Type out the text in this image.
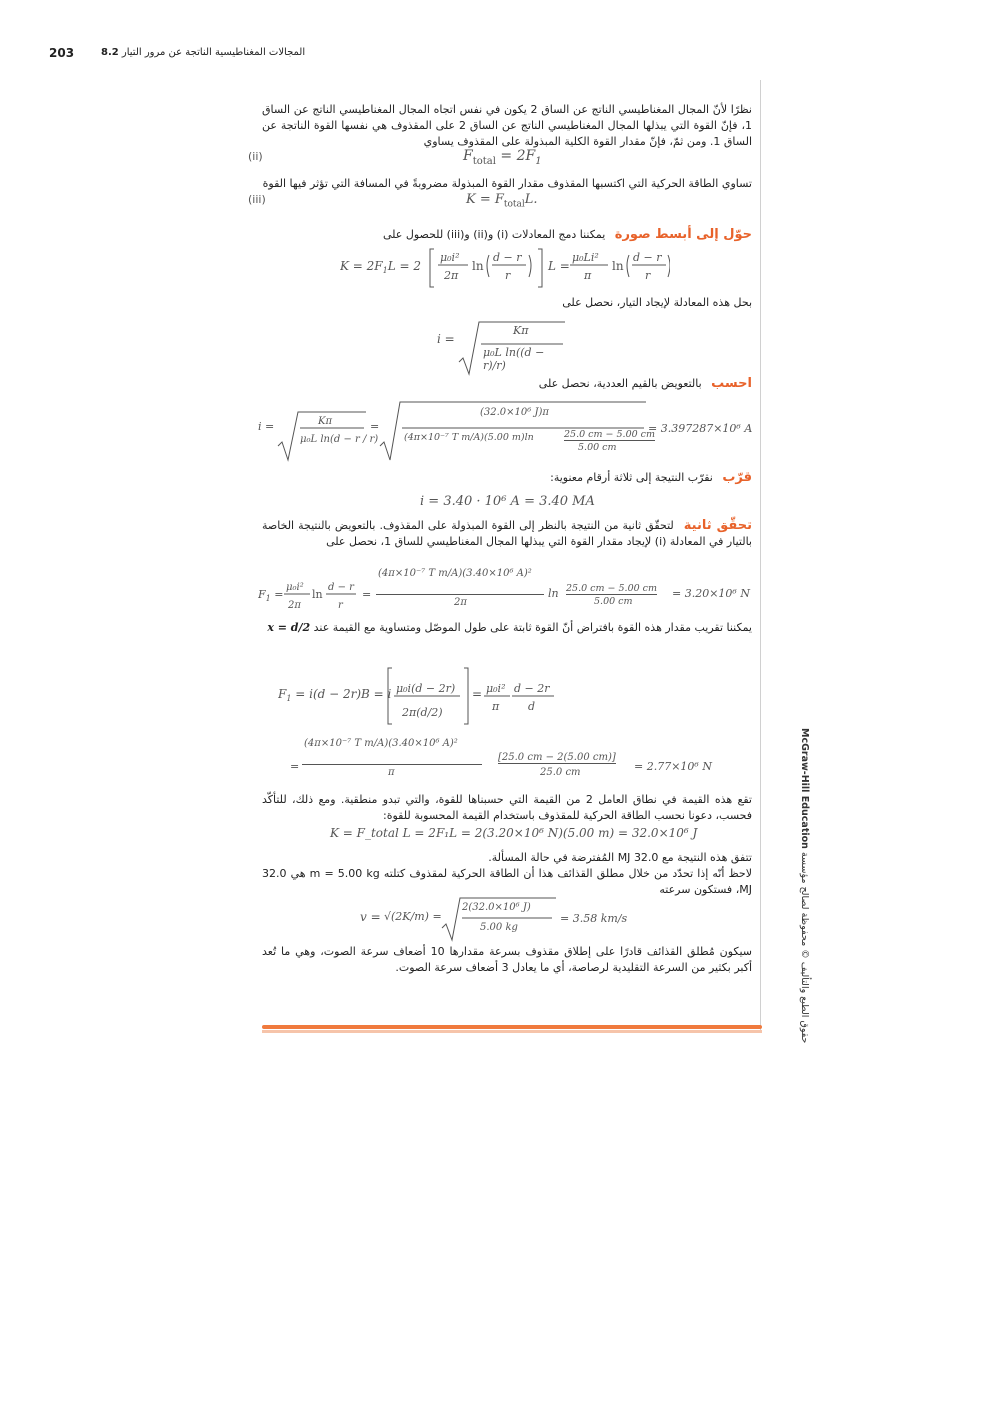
203	المجالات المغناطيسية الناتجة عن مرور التيار 8.2
McGraw-Hill Education حقوق الطبع والتأليف © محفوظة لصالح مؤسسة
نظرًا لأنّ المجال المغناطيسي الناتج عن الساق 2 يكون في نفس اتجاه المجال المغناطيسي الناتج عن الساق 1، فإنّ القوة التي يبذلها المجال المغناطيسي الناتج عن الساق 2 على المقذوف هي نفسها القوة الناتجة عن الساق 1. ومن ثمّ، فإنّ مقدار القوة الكلية المبذولة على المقذوف يساوي
(ii)	$F_{total} = 2F_1$
تساوي الطاقة الحركية التي اكتسبها المقذوف مقدار القوة المبذولة مضروبةً في المسافة التي تؤثر فيها القوة
(iii)	$K = F_{total}L$.
حوّل إلى أبسط صورة يمكننا دمج المعادلات (i) و(ii) و(iii) للحصول على
$K = 2F_1L = 2$
μ₀i²
2π
ln
d − r
r
L =
μ₀Li²
π
ln
d − r
r
بحل هذه المعادلة لإيجاد التيار، نحصل على
i =
Kπ
μ₀L ln((d − r)/r)
احسب بالتعويض بالقيم العددية، نحصل على
i =	Kπ
μ₀L ln(d − r / r)
=
(32.0×10⁶ J)π
(4π×10⁻⁷ T m/A)(5.00 m)ln	25.0 cm − 5.00 cm
5.00 cm
= 3.397287×10⁶ A
قرّب نقرّب النتيجة إلى ثلاثة أرقام معنوية:
i = 3.40 · 10⁶ A = 3.40 MA
تحقّق ثانية لتحقّق ثانية من النتيجة بالنظر إلى القوة المبذولة على المقذوف. بالتعويض بالنتيجة الخاصة بالتيار في المعادلة (i) لإيجاد مقدار القوة التي يبذلها المجال المغناطيسي للساق 1، نحصل على
$F_1$ =
μ₀i²
2π
ln
d − r
r
=
(4π×10⁻⁷ T m/A)(3.40×10⁶ A)²
2π
ln 25.0 cm − 5.00 cm
5.00 cm
= 3.20×10⁶ N
يمكننا تقريب مقدار هذه القوة بافتراض أنّ القوة ثابتة على طول الموصّل ومتساوية مع القيمة عند x = d/2
$F_1 = i(d - 2r)B = i$ μ₀i(d − 2r)
2π(d/2)
= μ₀i²
π
d − 2r
d
=
(4π×10⁻⁷ T m/A)(3.40×10⁶ A)²
π
[25.0 cm − 2(5.00 cm)]
25.0 cm	= 2.77×10⁶ N
تقع هذه القيمة في نطاق العامل 2 من القيمة التي حسبناها للقوة، والتي تبدو منطقية. ومع ذلك، للتأكّد فحسب، دعونا نحسب الطاقة الحركية للمقذوف باستخدام القيمة المحسوبة للقوة:
K = F_total L = 2F₁L = 2(3.20×10⁶ N)(5.00 m) = 32.0×10⁶ J
تتفق هذه النتيجة مع 32.0 MJ المُفترضة في حالة المسألة.
لاحظ أنّه إذا تحدّد من خلال مطلق القذائف هذا أن الطاقة الحركية لمقذوف كتلته m = 5.00 kg هي 32.0 MJ، فستكون سرعته
v = √(2K/m) =
2(32.0×10⁶ J)
5.00 kg
= 3.58 km/s
سيكون مُطلق القذائف قادرًا على إطلاق مقذوف بسرعة مقدارها 10 أضعاف سرعة الصوت، وهي ما تُعد أكبر بكثير من السرعة التقليدية لرصاصة، أي ما يعادل 3 أضعاف سرعة الصوت.
